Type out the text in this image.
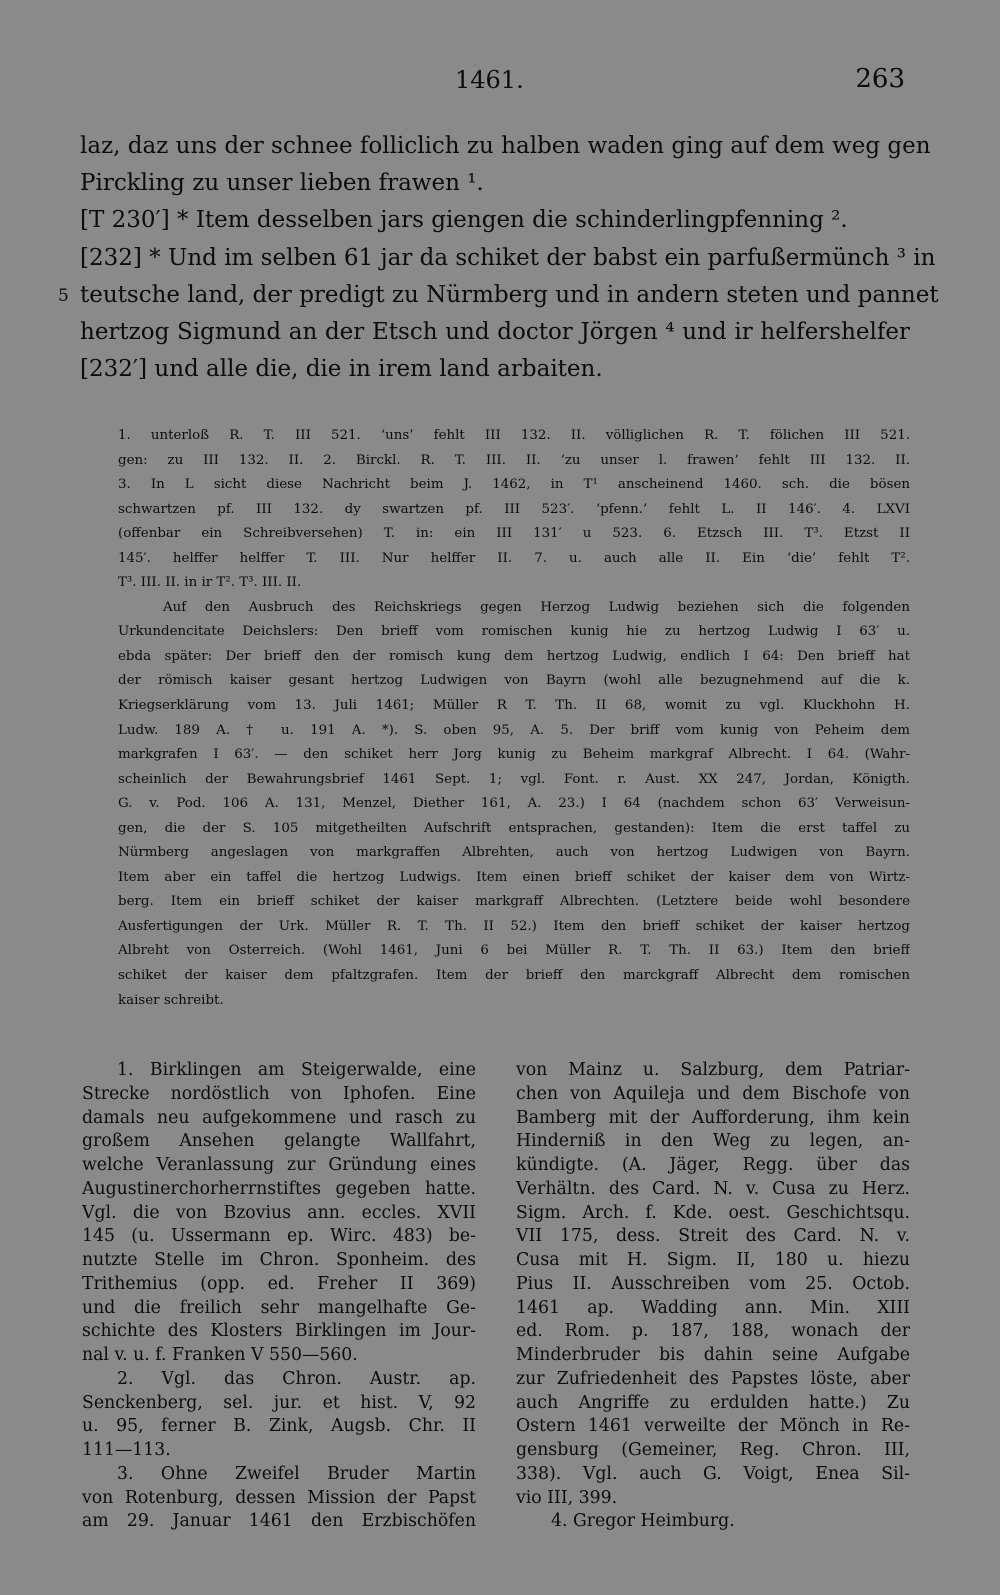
1461.	263
laz, daz uns der schnee folliclich zu halben waden ging auf dem weg gen
Pirckling zu unser lieben frawen ¹.
[T 230′] * Item desselben jars giengen die schinderlingpfenning ².
[232] * Und im selben 61 jar da schiket der babst ein parfußermünch ³ in
5 teutsche land, der predigt zu Nürmberg und in andern steten und pannet
hertzog Sigmund an der Etsch und doctor Jörgen ⁴ und ir helfershelfer
[232′] und alle die, die in irem land arbaiten.
1. unterloß R. T. III 521. ‘uns’ fehlt III 132. II. völliglichen R. T. fölichen III 521.
gen: zu III 132. II. 2. Birckl. R. T. III. II. ‘zu unser l. frawen’ fehlt III 132. II.
3. In L sicht diese Nachricht beim J. 1462, in T¹ anscheinend 1460. sch. die bösen
schwartzen pf. III 132. dy swartzen pf. III 523′. ‘pfenn.’ fehlt L. II 146′. 4. LXVI
(offenbar ein Schreibversehen) T. in: ein III 131′ u 523. 6. Etzsch III. T³. Etzst II
145′. helffer helffer T. III. Nur helffer II. 7. u. auch alle II. Ein ‘die’ fehlt T².
T³. III. II. in ir T². T³. III. II.
Auf den Ausbruch des Reichskriegs gegen Herzog Ludwig beziehen sich die folgenden
Urkundencitate Deichslers: Den brieff vom romischen kunig hie zu hertzog Ludwig I 63′ u.
ebda später: Der brieff den der romisch kung dem hertzog Ludwig, endlich I 64: Den brieff hat
der römisch kaiser gesant hertzog Ludwigen von Bayrn (wohl alle bezugnehmend auf die k.
Kriegserklärung vom 13. Juli 1461; Müller R T. Th. II 68, womit zu vgl. Kluckhohn H.
Ludw. 189 A. † u. 191 A. *). S. oben 95, A. 5. Der briff vom kunig von Peheim dem
markgrafen I 63′. — den schiket herr Jorg kunig zu Beheim markgraf Albrecht. I 64. (Wahr-
scheinlich der Bewahrungsbrief 1461 Sept. 1; vgl. Font. r. Aust. XX 247, Jordan, Königth.
G. v. Pod. 106 A. 131, Menzel, Diether 161, A. 23.) I 64 (nachdem schon 63′ Verweisun-
gen, die der S. 105 mitgetheilten Aufschrift entsprachen, gestanden): Item die erst taffel zu
Nürmberg angeslagen von markgraffen Albrehten, auch von hertzog Ludwigen von Bayrn.
Item aber ein taffel die hertzog Ludwigs. Item einen brieff schiket der kaiser dem von Wirtz-
berg. Item ein brieff schiket der kaiser markgraff Albrechten. (Letztere beide wohl besondere
Ausfertigungen der Urk. Müller R. T. Th. II 52.) Item den brieff schiket der kaiser hertzog
Albreht von Osterreich. (Wohl 1461, Juni 6 bei Müller R. T. Th. II 63.) Item den brieff
schiket der kaiser dem pfaltzgrafen. Item der brieff den marckgraff Albrecht dem romischen
kaiser schreibt.
1. Birklingen am Steigerwalde, eine
Strecke nordöstlich von Iphofen. Eine
damals neu aufgekommene und rasch zu
großem Ansehen gelangte Wallfahrt,
welche Veranlassung zur Gründung eines
Augustinerchorherrnstiftes gegeben hatte.
Vgl. die von Bzovius ann. eccles. XVII
145 (u. Ussermann ep. Wirc. 483) be-
nutzte Stelle im Chron. Sponheim. des
Trithemius (opp. ed. Freher II 369)
und die freilich sehr mangelhafte Ge-
schichte des Klosters Birklingen im Jour-
nal v. u. f. Franken V 550—560.
2. Vgl. das Chron. Austr. ap.
Senckenberg, sel. jur. et hist. V, 92
u. 95, ferner B. Zink, Augsb. Chr. II
111—113.
3. Ohne Zweifel Bruder Martin
von Rotenburg, dessen Mission der Papst
am 29. Januar 1461 den Erzbischöfen
von Mainz u. Salzburg, dem Patriar-
chen von Aquileja und dem Bischofe von
Bamberg mit der Aufforderung, ihm kein
Hinderniß in den Weg zu legen, an-
kündigte. (A. Jäger, Regg. über das
Verhältn. des Card. N. v. Cusa zu Herz.
Sigm. Arch. f. Kde. oest. Geschichtsqu.
VII 175, dess. Streit des Card. N. v.
Cusa mit H. Sigm. II, 180 u. hiezu
Pius II. Ausschreiben vom 25. Octob.
1461 ap. Wadding ann. Min. XIII
ed. Rom. p. 187, 188, wonach der
Minderbruder bis dahin seine Aufgabe
zur Zufriedenheit des Papstes löste, aber
auch Angriffe zu erdulden hatte.) Zu
Ostern 1461 verweilte der Mönch in Re-
gensburg (Gemeiner, Reg. Chron. III,
338). Vgl. auch G. Voigt, Enea Sil-
vio III, 399.
4. Gregor Heimburg.
